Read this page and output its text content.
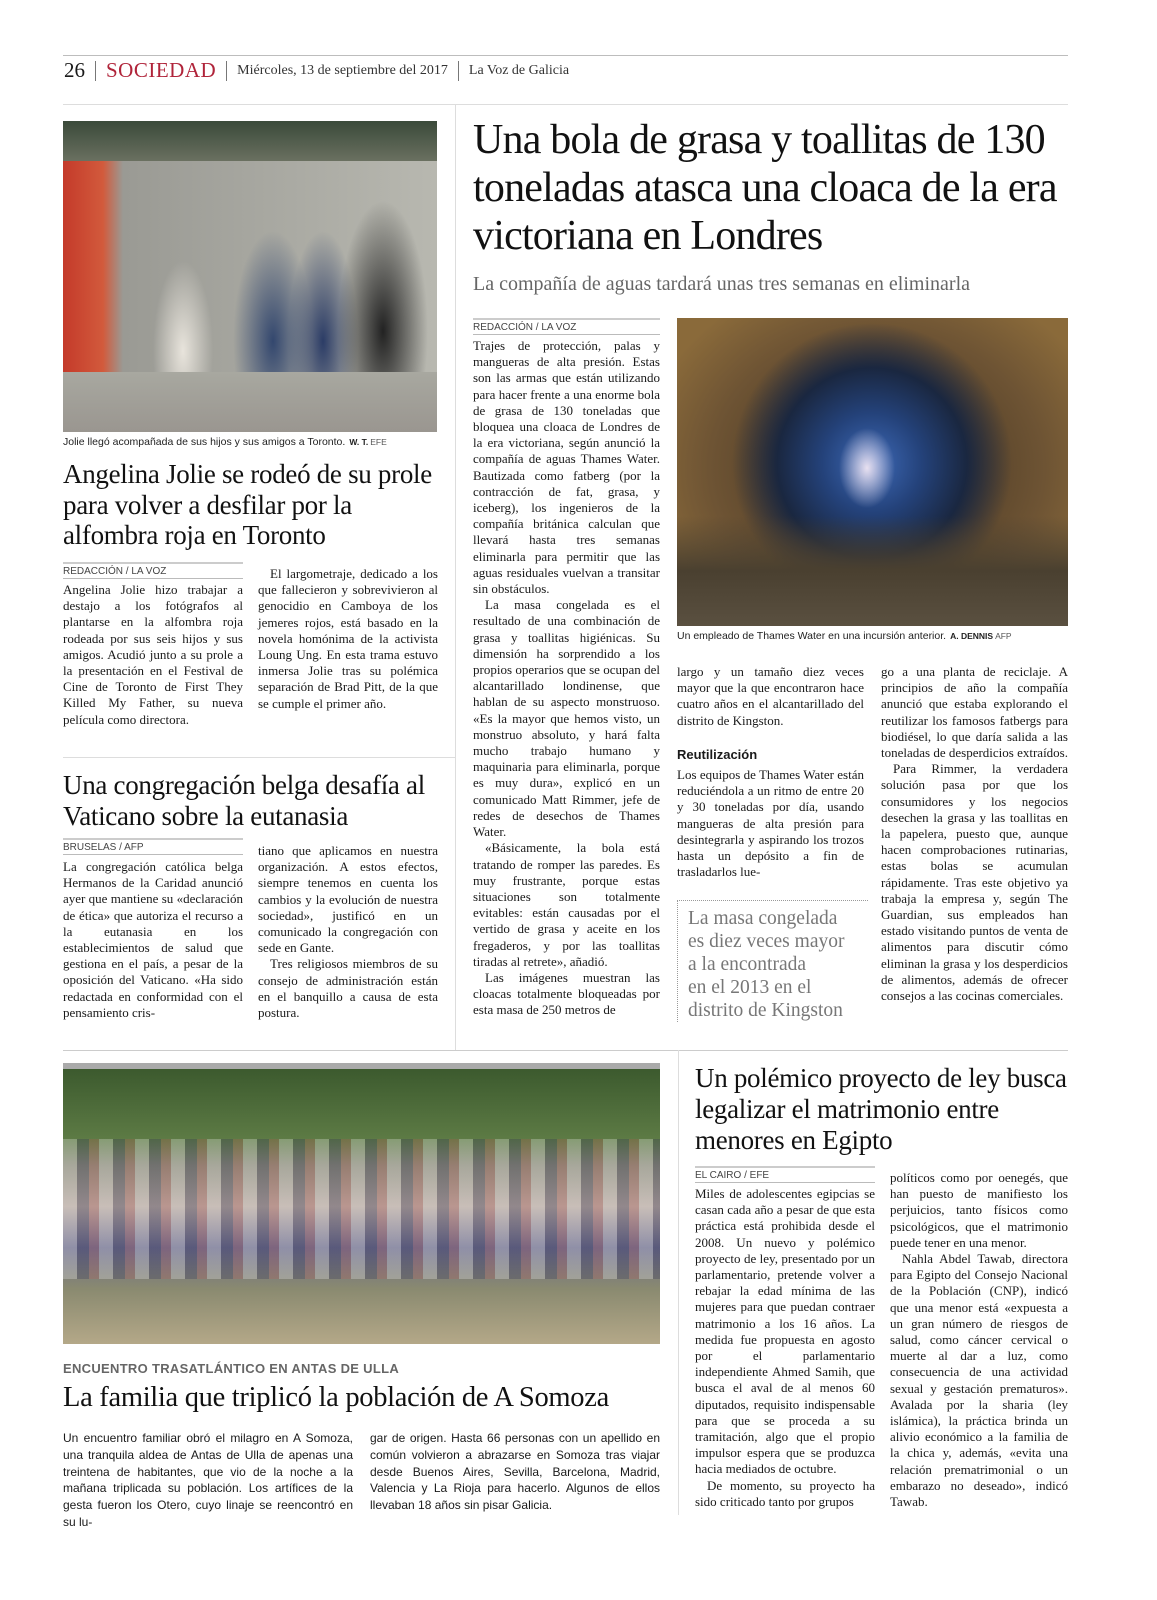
26 SOCIEDAD Miércoles, 13 de septiembre del 2017 La Voz de Galicia
Jolie llegó acompañada de sus hijos y sus amigos a Toronto. W. T. EFE
Angelina Jolie se rodeó de su prole para volver a desfilar por la alfombra roja en Toronto
REDACCIÓN / LA VOZ

Angelina Jolie hizo trabajar a destajo a los fotógrafos al plantarse en la alfombra roja rodeada por sus seis hijos y sus amigos. Acudió junto a su prole a la presentación en el Festival de Cine de Toronto de First They Killed My Father, su nueva película como directora.

El largometraje, dedicado a los que fallecieron y sobrevivieron al genocidio en Camboya de los jemeres rojos, está basado en la novela homónima de la activista Loung Ung. En esta trama estuvo inmersa Jolie tras su polémica separación de Brad Pitt, de la que se cumple el primer año.

Una congregación belga desafía al Vaticano sobre la eutanasia
BRUSELAS / AFP

La congregación católica belga Hermanos de la Caridad anunció ayer que mantiene su «declaración de ética» que autoriza el recurso a la eutanasia en los establecimientos de salud que gestiona en el país, a pesar de la oposición del Vaticano. «Ha sido redactada en conformidad con el pensamiento cris-

tiano que aplicamos en nuestra organización. A estos efectos, siempre tenemos en cuenta los cambios y la evolución de nuestra sociedad», justificó en un comunicado la congregación con sede en Gante.

Tres religiosos miembros de su consejo de administración están en el banquillo a causa de esta postura.

Una bola de grasa y toallitas de 130 toneladas atasca una cloaca de la era victoriana en Londres
La compañía de aguas tardará unas tres semanas en eliminarla
REDACCIÓN / LA VOZ

Trajes de protección, palas y mangueras de alta presión. Estas son las armas que están utilizando para hacer frente a una enorme bola de grasa de 130 toneladas que bloquea una cloaca de Londres de la era victoriana, según anunció la compañía de aguas Thames Water. Bautizada como fatberg (por la contracción de fat, grasa, y iceberg), los ingenieros de la compañía británica calculan que llevará hasta tres semanas eliminarla para permitir que las aguas residuales vuelvan a transitar sin obstáculos.

La masa congelada es el resultado de una combinación de grasa y toallitas higiénicas. Su dimensión ha sorprendido a los propios operarios que se ocupan del alcantarillado londinense, que hablan de su aspecto monstruoso. «Es la mayor que hemos visto, un monstruo absoluto, y hará falta mucho trabajo humano y maquinaria para eliminarla, porque es muy dura», explicó en un comunicado Matt Rimmer, jefe de redes de desechos de Thames Water.

«Básicamente, la bola está tratando de romper las paredes. Es muy frustrante, porque estas situaciones son totalmente evitables: están causadas por el vertido de grasa y aceite en los fregaderos, y por las toallitas tiradas al retrete», añadió.

Las imágenes muestran las cloacas totalmente bloqueadas por esta masa de 250 metros de

Un empleado de Thames Water en una incursión anterior. A. DENNIS AFP

largo y un tamaño diez veces mayor que la que encontraron hace cuatro años en el alcantarillado del distrito de Kingston.

Reutilización

Los equipos de Thames Water están reduciéndola a un ritmo de entre 20 y 30 toneladas por día, usando mangueras de alta presión para desintegrarla y aspirando los trozos hasta un depósito a fin de trasladarlos lue-

La masa congelada
es diez veces mayor
a la encontrada
en el 2013 en el
distrito de Kingston

go a una planta de reciclaje. A principios de año la compañía anunció que estaba explorando el reutilizar los famosos fatbergs para biodiésel, lo que daría salida a las toneladas de desperdicios extraídos.

Para Rimmer, la verdadera solución pasa por que los consumidores y los negocios desechen la grasa y las toallitas en la papelera, puesto que, aunque hacen comprobaciones rutinarias, estas bolas se acumulan rápidamente. Tras este objetivo ya trabaja la empresa y, según The Guardian, sus empleados han estado visitando puntos de venta de alimentos para discutir cómo eliminan la grasa y los desperdicios de alimentos, además de ofrecer consejos a las cocinas comerciales.

ENCUENTRO TRASATLÁNTICO EN ANTAS DE ULLA
La familia que triplicó la población de A Somoza

Un encuentro familiar obró el milagro en A Somoza, una tranquila aldea de Antas de Ulla de apenas una treintena de habitantes, que vio de la noche a la mañana triplicada su población. Los artífices de la gesta fueron los Otero, cuyo linaje se reencontró en su lu-

gar de origen. Hasta 66 personas con un apellido en común volvieron a abrazarse en Somoza tras viajar desde Buenos Aires, Sevilla, Barcelona, Madrid, Valencia y La Rioja para hacerlo. Algunos de ellos llevaban 18 años sin pisar Galicia.

Un polémico proyecto de ley busca legalizar el matrimonio entre menores en Egipto
EL CAIRO / EFE

Miles de adolescentes egipcias se casan cada año a pesar de que esta práctica está prohibida desde el 2008. Un nuevo y polémico proyecto de ley, presentado por un parlamentario, pretende volver a rebajar la edad mínima de las mujeres para que puedan contraer matrimonio a los 16 años. La medida fue propuesta en agosto por el parlamentario independiente Ahmed Samih, que busca el aval de al menos 60 diputados, requisito indispensable para que se proceda a su tramitación, algo que el propio impulsor espera que se produzca hacia mediados de octubre.

De momento, su proyecto ha sido criticado tanto por grupos

políticos como por oenegés, que han puesto de manifiesto los perjuicios, tanto físicos como psicológicos, que el matrimonio puede tener en una menor.

Nahla Abdel Tawab, directora para Egipto del Consejo Nacional de la Población (CNP), indicó que una menor está «expuesta a un gran número de riesgos de salud, como cáncer cervical o muerte al dar a luz, como consecuencia de una actividad sexual y gestación prematuros». Avalada por la sharia (ley islámica), la práctica brinda un alivio económico a la familia de la chica y, además, «evita una relación prematrimonial o un embarazo no deseado», indicó Tawab.
